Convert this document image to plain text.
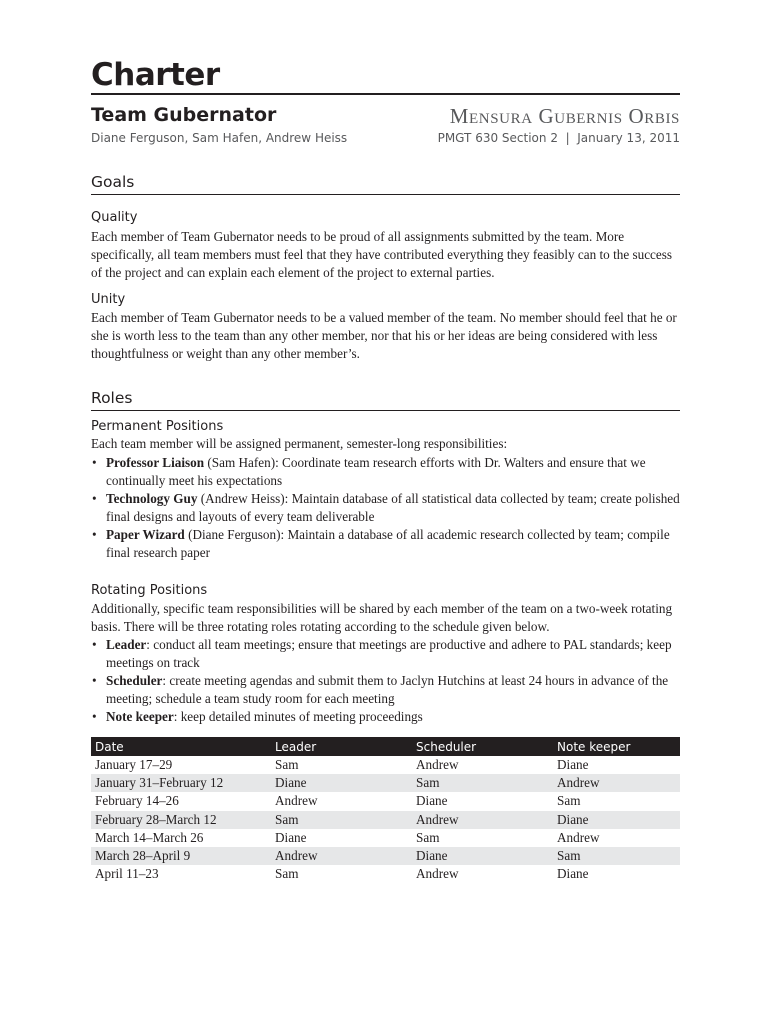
Charter
Team Gubernator	Mensura Gubernis Orbis
Diane Ferguson, Sam Hafen, Andrew Heiss	PMGT 630 Section 2  |  January 13, 2011
Goals
Quality
Each member of Team Gubernator needs to be proud of all assignments submitted by the team. More specifically, all team members must feel that they have contributed everything they feasibly can to the success of the project and can explain each element of the project to external parties.
Unity
Each member of Team Gubernator needs to be a valued member of the team. No member should feel that he or she is worth less to the team than any other member, nor that his or her ideas are being considered with less thoughtfulness or weight than any other member’s.
Roles
Permanent Positions
Each team member will be assigned permanent, semester-long responsibilities:
• Professor Liaison (Sam Hafen): Coordinate team research efforts with Dr. Walters and ensure that we continually meet his expectations
• Technology Guy (Andrew Heiss): Maintain database of all statistical data collected by team; create polished final designs and layouts of every team deliverable
• Paper Wizard (Diane Ferguson): Maintain a database of all academic research collected by team; compile final research paper
Rotating Positions
Additionally, specific team responsibilities will be shared by each member of the team on a two-week rotating basis. There will be three rotating roles rotating according to the schedule given below.
• Leader: conduct all team meetings; ensure that meetings are productive and adhere to PAL standards; keep meetings on track
• Scheduler: create meeting agendas and submit them to Jaclyn Hutchins at least 24 hours in advance of the meeting; schedule a team study room for each meeting
• Note keeper: keep detailed minutes of meeting proceedings
Date	Leader	Scheduler	Note keeper
January 17–29	Sam	Andrew	Diane
January 31–February 12	Diane	Sam	Andrew
February 14–26	Andrew	Diane	Sam
February 28–March 12	Sam	Andrew	Diane
March 14–March 26	Diane	Sam	Andrew
March 28–April 9	Andrew	Diane	Sam
April 11–23	Sam	Andrew	Diane
